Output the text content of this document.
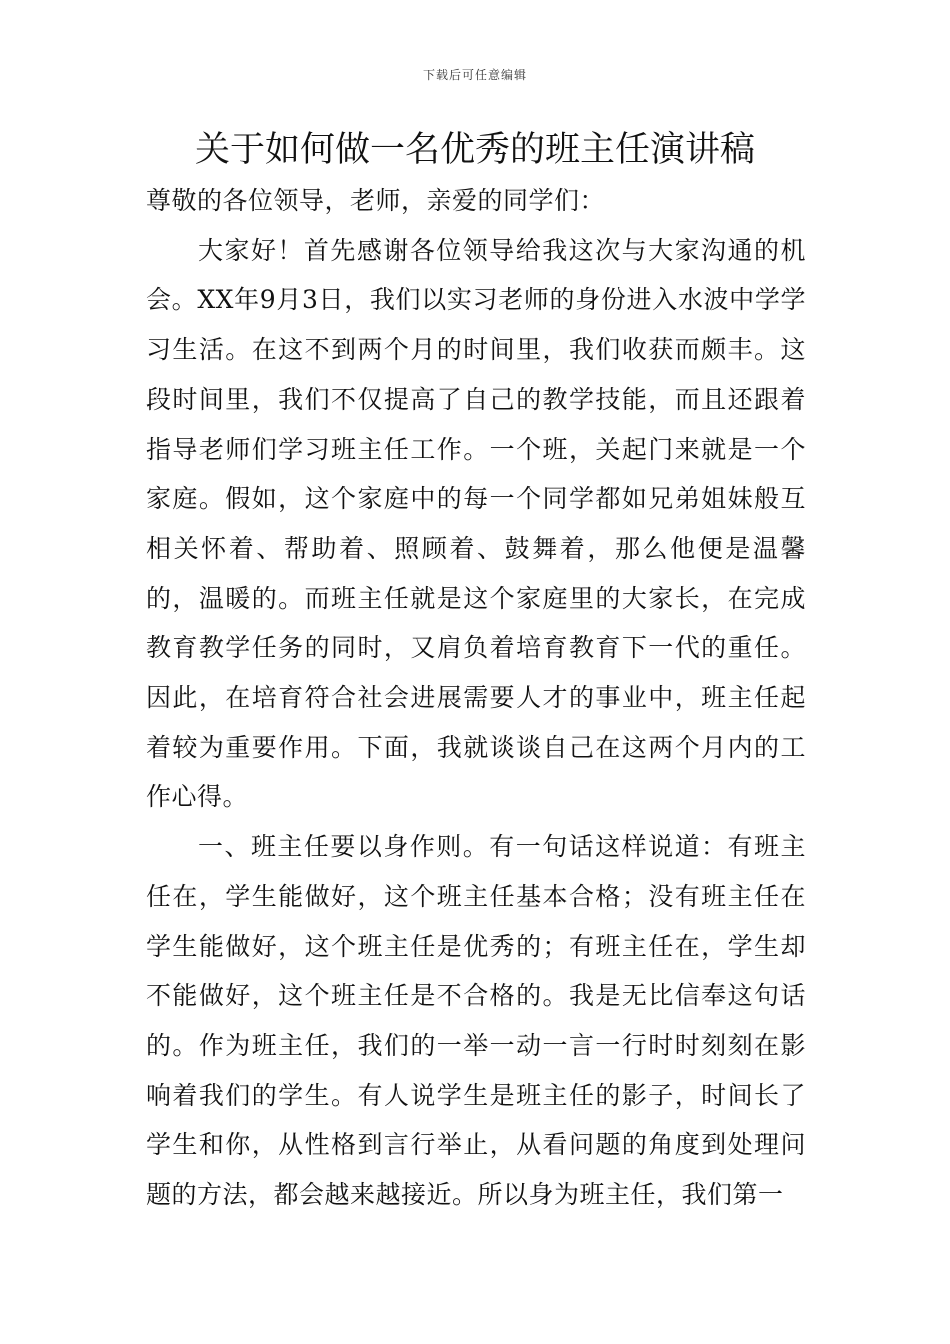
下载后可任意编辑
关于如何做一名优秀的班主任演讲稿

尊敬的各位领导，老师，亲爱的同学们：

大家好！首先感谢各位领导给我这次与大家沟通的机会。XX年9月3日，我们以实习老师的身份进入水波中学学习生活。在这不到两个月的时间里，我们收获而颇丰。这段时间里，我们不仅提高了自己的教学技能，而且还跟着指导老师们学习班主任工作。一个班，关起门来就是一个家庭。假如，这个家庭中的每一个同学都如兄弟姐妹般互相关怀着、帮助着、照顾着、鼓舞着，那么他便是温馨的，温暖的。而班主任就是这个家庭里的大家长，在完成教育教学任务的同时，又肩负着培育教育下一代的重任。因此，在培育符合社会进展需要人才的事业中，班主任起着较为重要作用。下面，我就谈谈自己在这两个月内的工作心得。

一、班主任要以身作则。有一句话这样说道：有班主任在，学生能做好，这个班主任基本合格；没有班主任在学生能做好，这个班主任是优秀的；有班主任在，学生却不能做好，这个班主任是不合格的。我是无比信奉这句话的。作为班主任，我们的一举一动一言一行时时刻刻在影响着我们的学生。有人说学生是班主任的影子，时间长了学生和你，从性格到言行举止，从看问题的角度到处理问题的方法，都会越来越接近。所以身为班主任，我们第一
